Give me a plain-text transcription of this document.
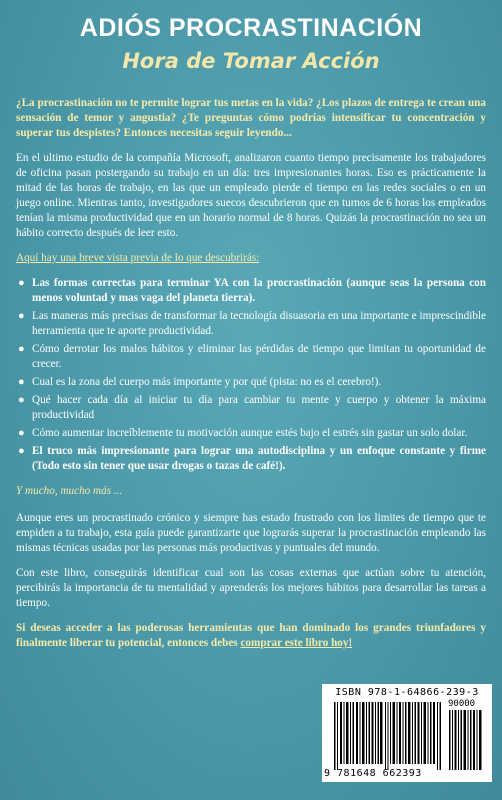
ADIÓS PROCRASTINACIÓN
Hora de Tomar Acción

¿La procrastinación no te permite lograr tus metas en la vida? ¿Los plazos de entrega te crean una sensación de temor y angustia? ¿Te preguntas cómo podrías intensificar tu concentración y superar tus despistes? Entonces necesitas seguir leyendo...

En el ultimo estudio de la compañía Microsoft, analizaron cuanto tiempo precisamente los trabajadores de oficina pasan postergando su trabajo en un día: tres impresionantes horas. Eso es prácticamente la mitad de las horas de trabajo, en las que un empleado pierde el tiempo en las redes sociales o en un juego online. Mientras tanto, investigadores suecos descubrieron que en turnos de 6 horas los empleados tenían la misma productividad que en un horario normal de 8 horas. Quizás la procrastinación no sea un hábito correcto después de leer esto.

Aquí hay una breve vista previa de lo que descubrirás:

● Las formas correctas para terminar YA con la procrastinación (aunque seas la persona con menos voluntad y mas vaga del planeta tierra).
● Las maneras más precisas de transformar la tecnología disuasoria en una importante e imprescindible herramienta que te aporte productividad.
● Cómo derrotar los malos hábitos y eliminar las pérdidas de tiempo que limitan tu oportunidad de crecer.
● Cual es la zona del cuerpo más importante y por qué (pista: no es el cerebro!).
● Qué hacer cada día al iniciar tu día para cambiar tu mente y cuerpo y obtener la máxima productividad
● Cómo aumentar increíblemente tu motivación aunque estés bajo el estrés sin gastar un solo dolar.
● El truco más impresionante para lograr una autodisciplina y un enfoque constante y firme (Todo esto sin tener que usar drogas o tazas de café!).

Y mucho, mucho más ...

Aunque eres un procrastinado crónico y siempre has estado frustrado con los limites de tiempo que te empiden a tu trabajo, esta guía puede garantizarte que lograrás superar la procrastinación empleando las mismas técnicas usadas por las personas más productivas y puntuales del mundo.

Con este libro, conseguirás identificar cual son las cosas externas que actúan sobre tu atención, percibirás la importancia de tu mentalidad y aprenderás los mejores hábitos para desarrollar las tareas a tiempo.

Si deseas acceder a las poderosas herramientas que han dominado los grandes triunfadores y finalmente liberar tu potencial, entonces debes comprar este libro hoy!

ISBN 978-1-64866-239-3
90000
9 781648 662393
